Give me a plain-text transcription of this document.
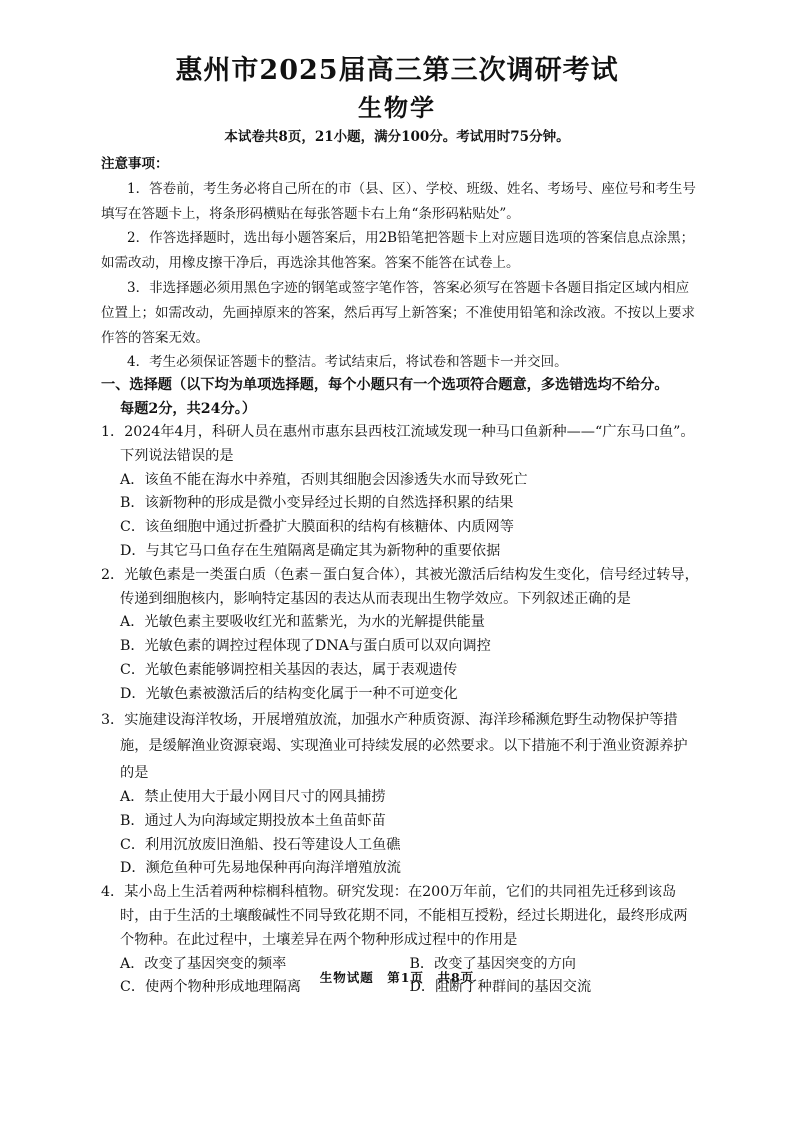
惠州市2025届高三第三次调研考试
生物学
本试卷共8页，21小题，满分100分。考试用时75分钟。
注意事项：

1．答卷前，考生务必将自己所在的市（县、区）、学校、班级、姓名、考场号、座位号和考生号填写在答题卡上，将条形码横贴在每张答题卡右上角“条形码粘贴处”。

2．作答选择题时，选出每小题答案后，用2B铅笔把答题卡上对应题目选项的答案信息点涂黑；如需改动，用橡皮擦干净后，再选涂其他答案。答案不能答在试卷上。

3．非选择题必须用黑色字迹的钢笔或签字笔作答，答案必须写在答题卡各题目指定区域内相应位置上；如需改动，先画掉原来的答案，然后再写上新答案；不准使用铅笔和涂改液。不按以上要求作答的答案无效。

4．考生必须保证答题卡的整洁。考试结束后，将试卷和答题卡一并交回。

一、选择题（以下均为单项选择题，每个小题只有一个选项符合题意，多选错选均不给分。
每题2分，共24分。）
1．2024年4月，科研人员在惠州市惠东县西枝江流域发现一种马口鱼新种——“广东马口鱼”。下列说法错误的是
A．该鱼不能在海水中养殖，否则其细胞会因渗透失水而导致死亡
B．该新物种的形成是微小变异经过长期的自然选择积累的结果
C．该鱼细胞中通过折叠扩大膜面积的结构有核糖体、内质网等
D．与其它马口鱼存在生殖隔离是确定其为新物种的重要依据
2．光敏色素是一类蛋白质（色素－蛋白复合体），其被光激活后结构发生变化，信号经过转导，传递到细胞核内，影响特定基因的表达从而表现出生物学效应。下列叙述正确的是
A．光敏色素主要吸收红光和蓝紫光，为水的光解提供能量
B．光敏色素的调控过程体现了DNA与蛋白质可以双向调控
C．光敏色素能够调控相关基因的表达，属于表观遗传
D．光敏色素被激活后的结构变化属于一种不可逆变化
3．实施建设海洋牧场，开展增殖放流，加强水产种质资源、海洋珍稀濒危野生动物保护等措施，是缓解渔业资源衰竭、实现渔业可持续发展的必然要求。以下措施不利于渔业资源养护的是
A．禁止使用大于最小网目尺寸的网具捕捞
B．通过人为向海域定期投放本土鱼苗虾苗
C．利用沉放废旧渔船、投石等建设人工鱼礁
D．濒危鱼种可先易地保种再向海洋增殖放流
4．某小岛上生活着两种棕榈科植物。研究发现：在200万年前，它们的共同祖先迁移到该岛时，由于生活的土壤酸碱性不同导致花期不同，不能相互授粉，经过长期进化，最终形成两个物种。在此过程中，土壤差异在两个物种形成过程中的作用是
A．改变了基因突变的频率	B．改变了基因突变的方向
C．使两个物种形成地理隔离	D．阻断了种群间的基因交流
生物试题　第1页　共8页
